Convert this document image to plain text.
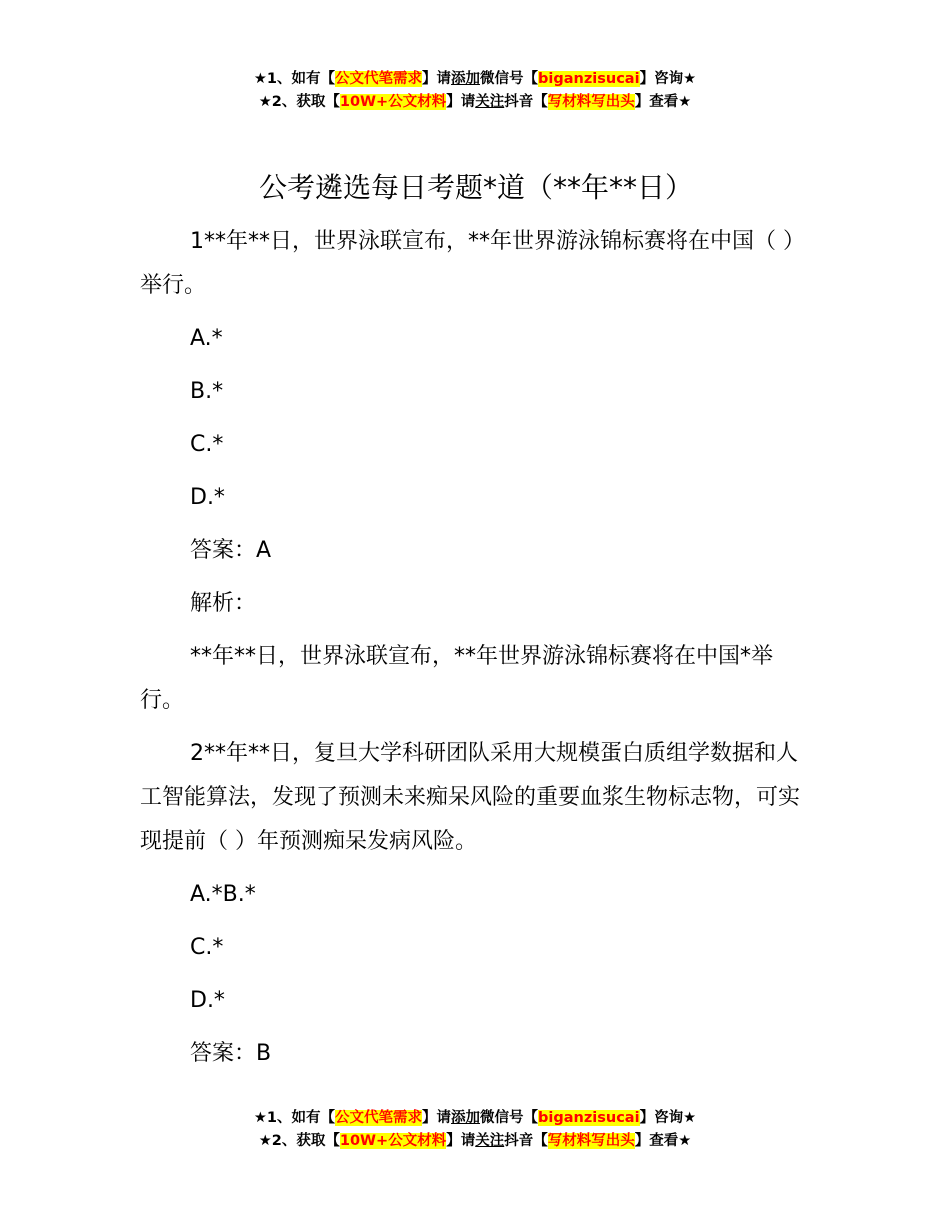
★1、如有【公文代笔需求】请添加微信号【biganzisucai】咨询★
★2、获取【10W+公文材料】请关注抖音【写材料写出头】查看★
公考遴选每日考题*道（**年**日）

1**年**日，世界泳联宣布，**年世界游泳锦标赛将在中国（ ）举行。

A.*

B.*

C.*

D.*

答案：A

解析：

**年**日，世界泳联宣布，**年世界游泳锦标赛将在中国*举行。

2**年**日，复旦大学科研团队采用大规模蛋白质组学数据和人工智能算法，发现了预测未来痴呆风险的重要血浆生物标志物，可实现提前（ ）年预测痴呆发病风险。

A.*B.*

C.*

D.*

答案：B

★1、如有【公文代笔需求】请添加微信号【biganzisucai】咨询★
★2、获取【10W+公文材料】请关注抖音【写材料写出头】查看★
